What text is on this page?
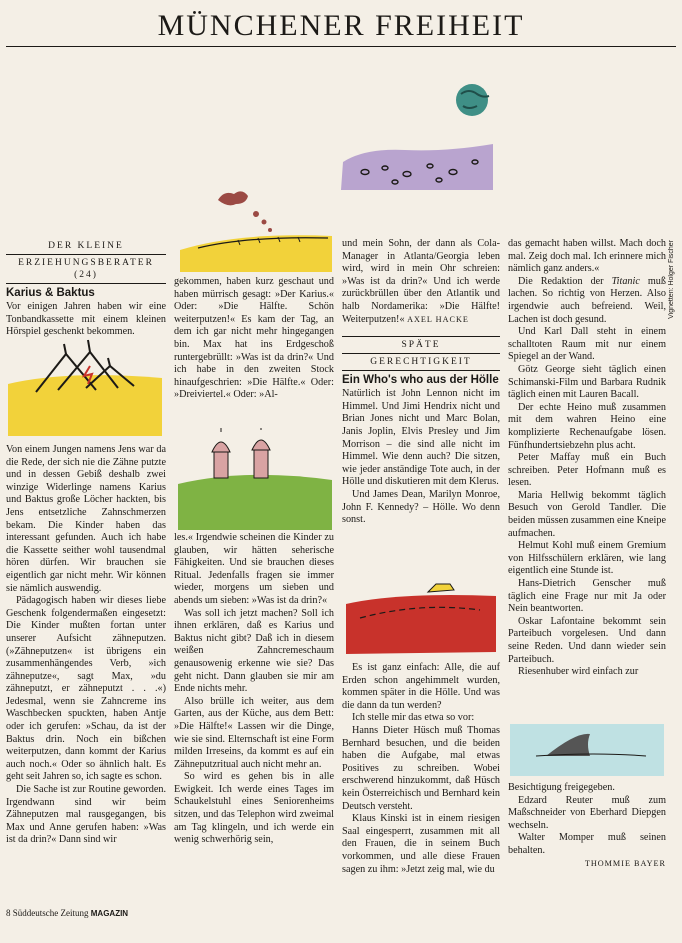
MÜNCHENER FREIHEIT
DER KLEINE
ERZIEHUNGSBERATER (24)
Karius & Baktus

Vor einigen Jahren haben wir eine Tonbandkassette mit einem kleinen Hörspiel geschenkt bekommen.

Von einem Jungen namens Jens war da die Rede, der sich nie die Zähne putzte und in dessen Gebiß deshalb zwei winzige Widerlinge namens Karius und Baktus große Löcher hackten, bis Jens entsetzliche Zahnschmerzen bekam. Die Kinder haben das interessant gefunden. Auch ich habe die Kassette seither wohl tausendmal hören dürfen. Wir brauchen sie eigentlich gar nicht mehr. Wir können sie nämlich auswendig.

Pädagogisch haben wir dieses liebe Geschenk folgendermaßen eingesetzt: Die Kinder mußten fortan unter unserer Aufsicht zähneputzen. (»Zähneputzen« ist übrigens ein zusammenhängendes Verb, »ich zähneputze«, sagt Max, »du zähneputzt, er zähneputzt . . .«) Jedesmal, wenn sie Zahncreme ins Waschbecken spuckten, haben Antje oder ich gerufen: »Schau, da ist der Baktus drin. Noch ein bißchen weiterputzen, dann kommt der Karius auch noch.« Oder so ähnlich halt. Es geht seit Jahren so, ich sagte es schon.

Die Sache ist zur Routine geworden. Irgendwann sind wir beim Zähneputzen mal rausgegangen, bis Max und Anne gerufen haben: »Was ist da drin?« Dann sind wir

gekommen, haben kurz geschaut und haben mürrisch gesagt: »Der Karius.« Oder: »Die Hälfte. Schön weiterputzen!« Es kam der Tag, an dem ich gar nicht mehr hingegangen bin. Max hat ins Erdgeschoß runtergebrüllt: »Was ist da drin?« Und ich habe in den zweiten Stock hinaufgeschrien: »Die Hälfte.« Oder: »Dreiviertel.« Oder: »Al-

les.« Irgendwie scheinen die Kinder zu glauben, wir hätten seherische Fähigkeiten. Und sie brauchen dieses Ritual. Jedenfalls fragen sie immer wieder, morgens um sieben und abends um sieben: »Was ist da drin?«

Was soll ich jetzt machen? Soll ich ihnen erklären, daß es Karius und Baktus nicht gibt? Daß ich in diesem weißen Zahncremeschaum genausowenig erkenne wie sie? Das geht nicht. Dann glauben sie mir am Ende nichts mehr.

Also brülle ich weiter, aus dem Garten, aus der Küche, aus dem Bett: »Die Hälfte!« Lassen wir die Dinge, wie sie sind. Elternschaft ist eine Form milden Irreseins, da kommt es auf ein Zähneputzritual auch nicht mehr an.

So wird es gehen bis in alle Ewigkeit. Ich werde eines Tages im Schaukelstuhl eines Seniorenheims sitzen, und das Telephon wird zweimal am Tag klingeln, und ich werde ein wenig schwerhörig sein,

und mein Sohn, der dann als Cola-Manager in Atlanta/Georgia leben wird, wird in mein Ohr schreien: »Was ist da drin?« Und ich werde zurückbrüllen über den Atlantik und halb Nordamerika: »Die Hälfte! Weiterputzen!« AXEL HACKE

SPÄTE
GERECHTIGKEIT
Ein Who's who aus der Hölle

Natürlich ist John Lennon nicht im Himmel. Und Jimi Hendrix nicht und Brian Jones nicht und Marc Bolan, Janis Joplin, Elvis Presley und Jim Morrison – die sind alle nicht im Himmel. Wie denn auch? Die sitzen, wie jeder anständige Tote auch, in der Hölle und diskutieren mit dem Klerus.

Und James Dean, Marilyn Monroe, John F. Kennedy? – Hölle. Wo denn sonst.

Es ist ganz einfach: Alle, die auf Erden schon angehimmelt wurden, kommen später in die Hölle. Und was die dann da tun werden?

Ich stelle mir das etwa so vor:

Hanns Dieter Hüsch muß Thomas Bernhard besuchen, und die beiden haben die Aufgabe, mal etwas Positives zu schreiben. Wobei erschwerend hinzukommt, daß Hüsch kein Österreichisch und Bernhard kein Deutsch versteht.

Klaus Kinski ist in einem riesigen Saal eingesperrt, zusammen mit all den Frauen, die in seinem Buch vorkommen, und alle diese Frauen sagen zu ihm: »Jetzt zeig mal, wie du

das gemacht haben willst. Mach doch mal. Zeig doch mal. Ich erinnere mich nämlich ganz anders.«

Die Redaktion der Titanic muß lachen. So richtig von Herzen. Also irgendwie auch befreiend. Weil, Lachen ist doch gesund.

Und Karl Dall steht in einem schalltoten Raum mit nur einem Spiegel an der Wand.

Götz George sieht täglich einen Schimanski-Film und Barbara Rudnik täglich einen mit Lauren Bacall.

Der echte Heino muß zusammen mit dem wahren Heino eine komplizierte Rechenaufgabe lösen. Fünfhundertsiebzehn plus acht.

Peter Maffay muß ein Buch schreiben. Peter Hofmann muß es lesen.

Maria Hellwig bekommt täglich Besuch von Gerold Tandler. Die beiden müssen zusammen eine Kneipe aufmachen.

Helmut Kohl muß einem Gremium von Hilfsschülern erklären, wie lang eigentlich eine Stunde ist.

Hans-Dietrich Genscher muß täglich eine Frage nur mit Ja oder Nein beantworten.

Oskar Lafontaine bekommt sein Parteibuch vorgelesen. Und dann seine Reden. Und dann wieder sein Parteibuch.

Riesenhuber wird einfach zur

Besichtigung freigegeben.

Edzard Reuter muß zum Maßschneider von Eberhard Diepgen wechseln.

Walter Momper muß seinen behalten.

THOMMIE BAYER
Vignetten: Holger Fischer
8 Süddeutsche Zeitung MAGAZIN
